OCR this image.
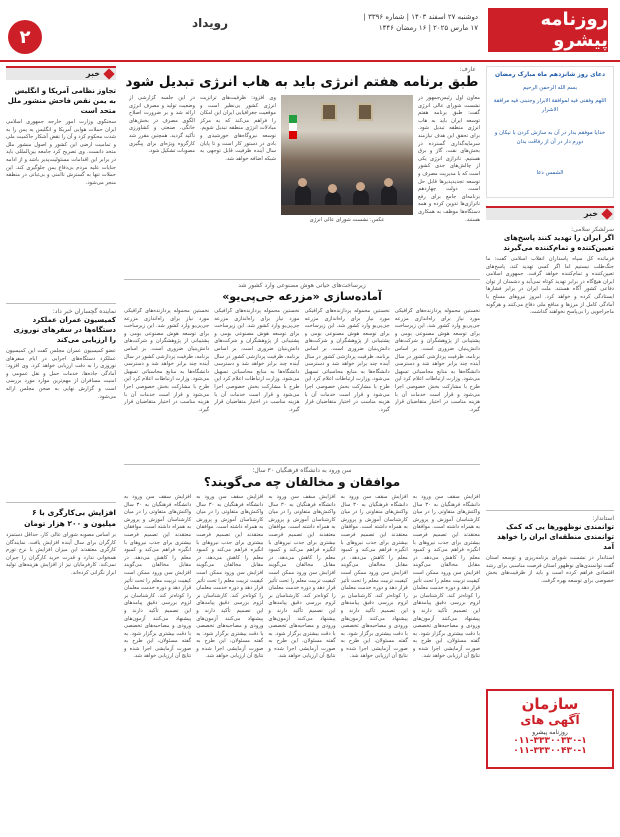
روزنامه پیشرو
دوشنبه ۲۷ اسفند ۱۴۰۳ | شماره ۳۳۹۶ | ۱۷ مارس ۲۰۲۵ | ۱۶ رمضان ۱۴۴۶
رویداد
۲
دعای روز شانزدهم ماه مبارک رمضان
بسم الله الرحمن الرحیم
اللهم وفقنی فیه لموافقة الابرار وجنبنی فیه مرافقة الاشرار
خدایا موفقم بدار در آن به سازش کردن با نیکان و دورم دار در آن از رفاقت بدان
الشمس دعا
خبر
سرلشکر سلامی:
اگر ایران را تهدید کنند پاسخ‌های تعیین‌کننده و تمام‌کننده می‌گیرند
فرمانده کل سپاه پاسداران انقلاب اسلامی گفت: ما جنگ‌طلب نیستیم اما اگر کسی تهدید کند، پاسخ‌های تعیین‌کننده و تمام‌کننده خواهد گرفت. جمهوری اسلامی ایران هیچ‌گاه در برابر تهدید کوتاه نمی‌آید و دشمنان از توان دفاعی کشور آگاه هستند. ملت ایران در برابر فشارها ایستادگی کرده و خواهد کرد. امروز نیروهای مسلح با آمادگی کامل از مرزها و منافع ملی دفاع می‌کنند و هرگونه ماجراجویی را بی‌پاسخ نخواهند گذاشت.
استاندار:
توانمندی نوظهور‌ها یی که کمک توانمندی منطقه‌ای ایران را خواهد آمد
استاندار در نشست شورای برنامه‌ریزی و توسعه استان گفت توانمندی‌های نوظهور استان فرصت مناسبی برای رشد اقتصادی فراهم کرده است و باید از ظرفیت‌های بخش خصوصی برای توسعه بهره گرفت.
سازمان
آگهی های
روزنامه پیشرو
۰۱۱-۳۳۳۰۰۳۳۰-۱
۰۱۱-۳۳۳۰۰۴۳۰-۱
عارف:
طبق برنامه هفتم انرژی باید به هاب انرژی تبدیل شود
معاون اول رئیس‌جمهور در نشست شورای عالی انرژی گفت: طبق برنامه هفتم توسعه ایران باید به هاب انرژی منطقه تبدیل شود. برای تحقق این هدف نیازمند سرمایه‌گذاری گسترده در بخش‌های نفت، گاز و برق هستیم. ناترازی انرژی یکی از چالش‌های جدی کشور است که با مدیریت مصرف و توسعه تجدیدپذیرها قابل حل است. دولت چهاردهم برنامه‌ای جامع برای رفع ناترازی‌ها تدوین کرده و همه دستگاه‌ها موظف به همکاری هستند.
عکس: نشست شورای عالی انرژی
وی افزود: ظرفیت‌های ترانزیت انرژی کشور بی‌نظیر است و موقعیت جغرافیایی ایران این امکان را فراهم می‌کند که به مرکز مبادلات انرژی منطقه تبدیل شویم. توسعه نیروگاه‌های خورشیدی و بادی در دستور کار است و تا پایان سال آینده ظرفیت قابل توجهی به شبکه اضافه خواهد شد.
در این جلسه گزارشی از وضعیت تولید و مصرف انرژی ارائه شد و بر ضرورت اصلاح الگوی مصرف در بخش‌های خانگی، صنعتی و کشاورزی تأکید گردید. همچنین مقرر شد کارگروه ویژه‌ای برای پیگیری مصوبات تشکیل شود.
زیرساخت‌های حیاتی هوش مصنوعی وارد کشور شد
آماده‌سازی «مزرعه جی‌پی‌یو»
نخستین محموله پردازنده‌های گرافیکی مورد نیاز برای راه‌اندازی مزرعه جی‌پی‌یو وارد کشور شد. این زیرساخت برای توسعه هوش مصنوعی بومی و پشتیبانی از پژوهشگران و شرکت‌های دانش‌بنیان ضروری است. بر اساس برنامه، ظرفیت پردازشی کشور در سال آینده چند برابر خواهد شد و دسترسی دانشگاه‌ها به منابع محاسباتی تسهیل می‌شود. وزارت ارتباطات اعلام کرد این طرح با مشارکت بخش خصوصی اجرا می‌شود و قرار است خدمات آن با هزینه مناسب در اختیار متقاضیان قرار گیرد.
نخستین محموله پردازنده‌های گرافیکی مورد نیاز برای راه‌اندازی مزرعه جی‌پی‌یو وارد کشور شد. این زیرساخت برای توسعه هوش مصنوعی بومی و پشتیبانی از پژوهشگران و شرکت‌های دانش‌بنیان ضروری است. بر اساس برنامه، ظرفیت پردازشی کشور در سال آینده چند برابر خواهد شد و دسترسی دانشگاه‌ها به منابع محاسباتی تسهیل می‌شود. وزارت ارتباطات اعلام کرد این طرح با مشارکت بخش خصوصی اجرا می‌شود و قرار است خدمات آن با هزینه مناسب در اختیار متقاضیان قرار گیرد.
نخستین محموله پردازنده‌های گرافیکی مورد نیاز برای راه‌اندازی مزرعه جی‌پی‌یو وارد کشور شد. این زیرساخت برای توسعه هوش مصنوعی بومی و پشتیبانی از پژوهشگران و شرکت‌های دانش‌بنیان ضروری است. بر اساس برنامه، ظرفیت پردازشی کشور در سال آینده چند برابر خواهد شد و دسترسی دانشگاه‌ها به منابع محاسباتی تسهیل می‌شود. وزارت ارتباطات اعلام کرد این طرح با مشارکت بخش خصوصی اجرا می‌شود و قرار است خدمات آن با هزینه مناسب در اختیار متقاضیان قرار گیرد.
نخستین محموله پردازنده‌های گرافیکی مورد نیاز برای راه‌اندازی مزرعه جی‌پی‌یو وارد کشور شد. این زیرساخت برای توسعه هوش مصنوعی بومی و پشتیبانی از پژوهشگران و شرکت‌های دانش‌بنیان ضروری است. بر اساس برنامه، ظرفیت پردازشی کشور در سال آینده چند برابر خواهد شد و دسترسی دانشگاه‌ها به منابع محاسباتی تسهیل می‌شود. وزارت ارتباطات اعلام کرد این طرح با مشارکت بخش خصوصی اجرا می‌شود و قرار است خدمات آن با هزینه مناسب در اختیار متقاضیان قرار گیرد.
سن ورود به دانشگاه فرهنگیان ۳۰ سال؛
موافقان و مخالفان چه می‌گویند؟
افزایش سقف سن ورود به دانشگاه فرهنگیان به ۳۰ سال واکنش‌های متفاوتی را در میان کارشناسان آموزش و پرورش به همراه داشته است. موافقان معتقدند این تصمیم فرصت بیشتری برای جذب نیروهای با انگیزه فراهم می‌کند و کمبود معلم را کاهش می‌دهد. در مقابل مخالفان می‌گویند افزایش سن ورود ممکن است کیفیت تربیت معلم را تحت تأثیر قرار دهد و دوره خدمت معلمان را کوتاه‌تر کند. کارشناسان بر لزوم بررسی دقیق پیامدهای این تصمیم تأکید دارند و پیشنهاد می‌کنند آزمون‌های ورودی و مصاحبه‌های تخصصی با دقت بیشتری برگزار شود. به گفته مسئولان، این طرح به صورت آزمایشی اجرا شده و نتایج آن ارزیابی خواهد شد.
افزایش سقف سن ورود به دانشگاه فرهنگیان به ۳۰ سال واکنش‌های متفاوتی را در میان کارشناسان آموزش و پرورش به همراه داشته است. موافقان معتقدند این تصمیم فرصت بیشتری برای جذب نیروهای با انگیزه فراهم می‌کند و کمبود معلم را کاهش می‌دهد. در مقابل مخالفان می‌گویند افزایش سن ورود ممکن است کیفیت تربیت معلم را تحت تأثیر قرار دهد و دوره خدمت معلمان را کوتاه‌تر کند. کارشناسان بر لزوم بررسی دقیق پیامدهای این تصمیم تأکید دارند و پیشنهاد می‌کنند آزمون‌های ورودی و مصاحبه‌های تخصصی با دقت بیشتری برگزار شود. به گفته مسئولان، این طرح به صورت آزمایشی اجرا شده و نتایج آن ارزیابی خواهد شد.
افزایش سقف سن ورود به دانشگاه فرهنگیان به ۳۰ سال واکنش‌های متفاوتی را در میان کارشناسان آموزش و پرورش به همراه داشته است. موافقان معتقدند این تصمیم فرصت بیشتری برای جذب نیروهای با انگیزه فراهم می‌کند و کمبود معلم را کاهش می‌دهد. در مقابل مخالفان می‌گویند افزایش سن ورود ممکن است کیفیت تربیت معلم را تحت تأثیر قرار دهد و دوره خدمت معلمان را کوتاه‌تر کند. کارشناسان بر لزوم بررسی دقیق پیامدهای این تصمیم تأکید دارند و پیشنهاد می‌کنند آزمون‌های ورودی و مصاحبه‌های تخصصی با دقت بیشتری برگزار شود. به گفته مسئولان، این طرح به صورت آزمایشی اجرا شده و نتایج آن ارزیابی خواهد شد.
افزایش سقف سن ورود به دانشگاه فرهنگیان به ۳۰ سال واکنش‌های متفاوتی را در میان کارشناسان آموزش و پرورش به همراه داشته است. موافقان معتقدند این تصمیم فرصت بیشتری برای جذب نیروهای با انگیزه فراهم می‌کند و کمبود معلم را کاهش می‌دهد. در مقابل مخالفان می‌گویند افزایش سن ورود ممکن است کیفیت تربیت معلم را تحت تأثیر قرار دهد و دوره خدمت معلمان را کوتاه‌تر کند. کارشناسان بر لزوم بررسی دقیق پیامدهای این تصمیم تأکید دارند و پیشنهاد می‌کنند آزمون‌های ورودی و مصاحبه‌های تخصصی با دقت بیشتری برگزار شود. به گفته مسئولان، این طرح به صورت آزمایشی اجرا شده و نتایج آن ارزیابی خواهد شد.
افزایش سقف سن ورود به دانشگاه فرهنگیان به ۳۰ سال واکنش‌های متفاوتی را در میان کارشناسان آموزش و پرورش به همراه داشته است. موافقان معتقدند این تصمیم فرصت بیشتری برای جذب نیروهای با انگیزه فراهم می‌کند و کمبود معلم را کاهش می‌دهد. در مقابل مخالفان می‌گویند افزایش سن ورود ممکن است کیفیت تربیت معلم را تحت تأثیر قرار دهد و دوره خدمت معلمان را کوتاه‌تر کند. کارشناسان بر لزوم بررسی دقیق پیامدهای این تصمیم تأکید دارند و پیشنهاد می‌کنند آزمون‌های ورودی و مصاحبه‌های تخصصی با دقت بیشتری برگزار شود. به گفته مسئولان، این طرح به صورت آزمایشی اجرا شده و نتایج آن ارزیابی خواهد شد.
خبر
تجاوز نظامی آمریکا و انگلیس به یمن نقض فاحش منشور ملل متحد است
سخنگوی وزارت امور خارجه جمهوری اسلامی ایران حملات هوایی آمریکا و انگلیس به یمن را به شدت محکوم کرد و آن را نقض آشکار حاکمیت ملی و تمامیت ارضی این کشور و اصول منشور ملل متحد دانست. وی تصریح کرد جامعه بین‌المللی باید در برابر این اقدامات مسئولیت‌پذیر باشد و از ادامه جنایات علیه مردم بی‌دفاع یمن جلوگیری کند. این حملات تنها به گسترش ناامنی و بی‌ثباتی در منطقه منجر می‌شود.
نماینده گچساران خبر داد:
کمیسیون عمران عملکرد دستگاه‌ها در سفرهای نوروزی را ارزیابی می‌کند
عضو کمیسیون عمران مجلس گفت این کمیسیون عملکرد دستگاه‌های اجرایی در ایام سفرهای نوروزی را به دقت ارزیابی خواهد کرد. وی افزود: آمادگی جاده‌ها، خدمات حمل و نقل عمومی و امنیت مسافران از مهم‌ترین موارد مورد بررسی است و گزارش نهایی به صحن مجلس ارائه می‌شود.
افزایش بی‌کارگری با ۶ میلیون و ۲۰۰ هزار تومان
بر اساس مصوبه شورای عالی کار، حداقل دستمزد کارگران برای سال آینده افزایش یافت. نمایندگان کارگری معتقدند این میزان افزایش با نرخ تورم همخوانی ندارد و قدرت خرید کارگران را جبران نمی‌کند. کارفرمایان نیز از افزایش هزینه‌های تولید ابراز نگرانی کرده‌اند.
